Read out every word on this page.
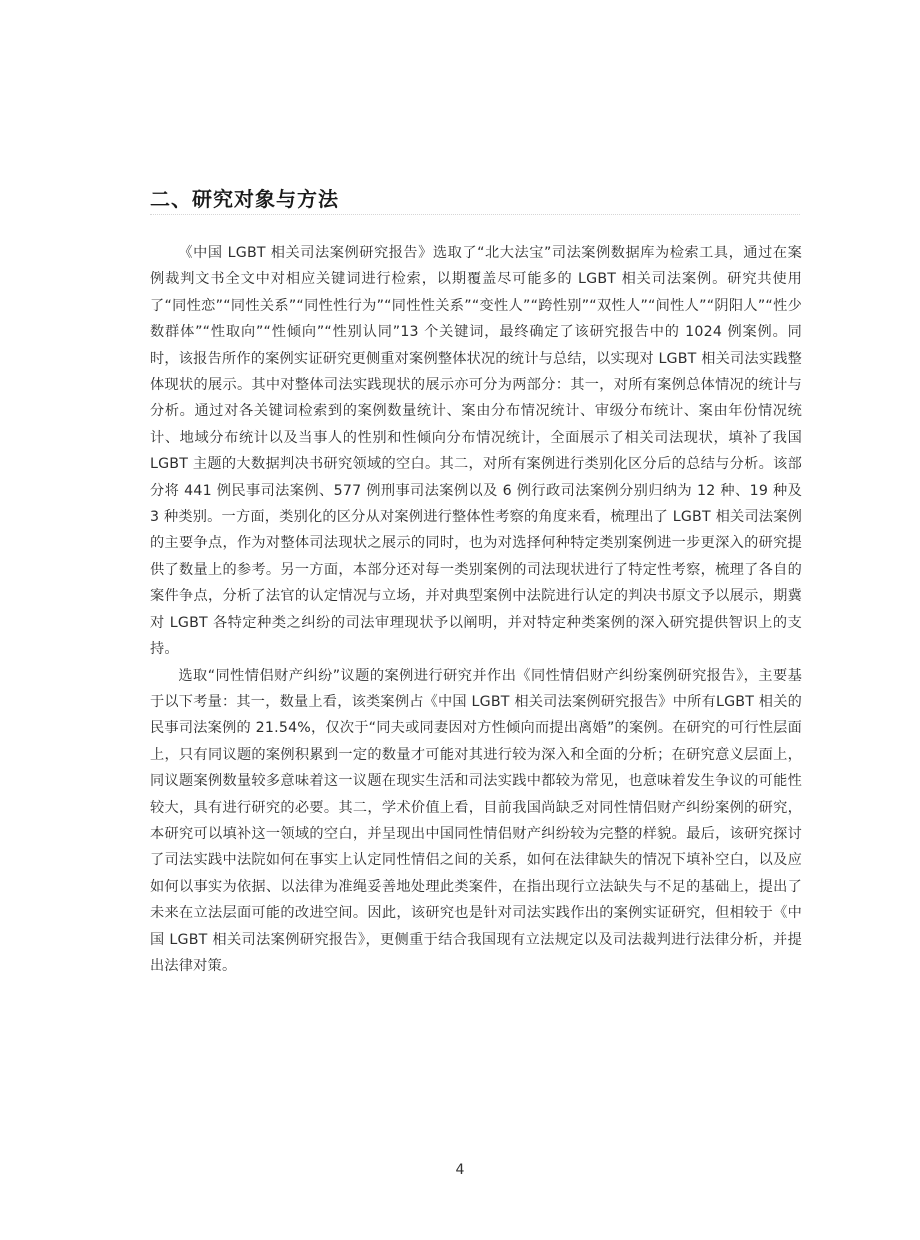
二、研究对象与方法

《中国 LGBT 相关司法案例研究报告》选取了“北大法宝”司法案例数据库为检索工具，通过在案例裁判文书全文中对相应关键词进行检索，以期覆盖尽可能多的 LGBT 相关司法案例。研究共使用了“同性恋”“同性关系”“同性性行为”“同性性关系”“变性人”“跨性别”“双性人”“间性人”“阴阳人”“性少数群体”“性取向”“性倾向”“性别认同”13 个关键词，最终确定了该研究报告中的 1024 例案例。同时，该报告所作的案例实证研究更侧重对案例整体状况的统计与总结，以实现对 LGBT 相关司法实践整体现状的展示。其中对整体司法实践现状的展示亦可分为两部分：其一，对所有案例总体情况的统计与分析。通过对各关键词检索到的案例数量统计、案由分布情况统计、审级分布统计、案由年份情况统计、地域分布统计以及当事人的性别和性倾向分布情况统计，全面展示了相关司法现状，填补了我国 LGBT 主题的大数据判决书研究领域的空白。其二，对所有案例进行类别化区分后的总结与分析。该部分将 441 例民事司法案例、577 例刑事司法案例以及 6 例行政司法案例分别归纳为 12 种、19 种及 3 种类别。一方面，类别化的区分从对案例进行整体性考察的角度来看，梳理出了 LGBT 相关司法案例的主要争点，作为对整体司法现状之展示的同时，也为对选择何种特定类别案例进一步更深入的研究提供了数量上的参考。另一方面，本部分还对每一类别案例的司法现状进行了特定性考察，梳理了各自的案件争点，分析了法官的认定情况与立场，并对典型案例中法院进行认定的判决书原文予以展示，期冀对 LGBT 各特定种类之纠纷的司法审理现状予以阐明，并对特定种类案例的深入研究提供智识上的支持。

选取“同性情侣财产纠纷”议题的案例进行研究并作出《同性情侣财产纠纷案例研究报告》，主要基于以下考量：其一，数量上看，该类案例占《中国 LGBT 相关司法案例研究报告》中所有LGBT 相关的民事司法案例的 21.54%，仅次于“同夫或同妻因对方性倾向而提出离婚”的案例。在研究的可行性层面上，只有同议题的案例积累到一定的数量才可能对其进行较为深入和全面的分析；在研究意义层面上，同议题案例数量较多意味着这一议题在现实生活和司法实践中都较为常见，也意味着发生争议的可能性较大，具有进行研究的必要。其二，学术价值上看，目前我国尚缺乏对同性情侣财产纠纷案例的研究，本研究可以填补这一领域的空白，并呈现出中国同性情侣财产纠纷较为完整的样貌。最后，该研究探讨了司法实践中法院如何在事实上认定同性情侣之间的关系，如何在法律缺失的情况下填补空白，以及应如何以事实为依据、以法律为准绳妥善地处理此类案件，在指出现行立法缺失与不足的基础上，提出了未来在立法层面可能的改进空间。因此，该研究也是针对司法实践作出的案例实证研究，但相较于《中国 LGBT 相关司法案例研究报告》，更侧重于结合我国现有立法规定以及司法裁判进行法律分析，并提出法律对策。

4
